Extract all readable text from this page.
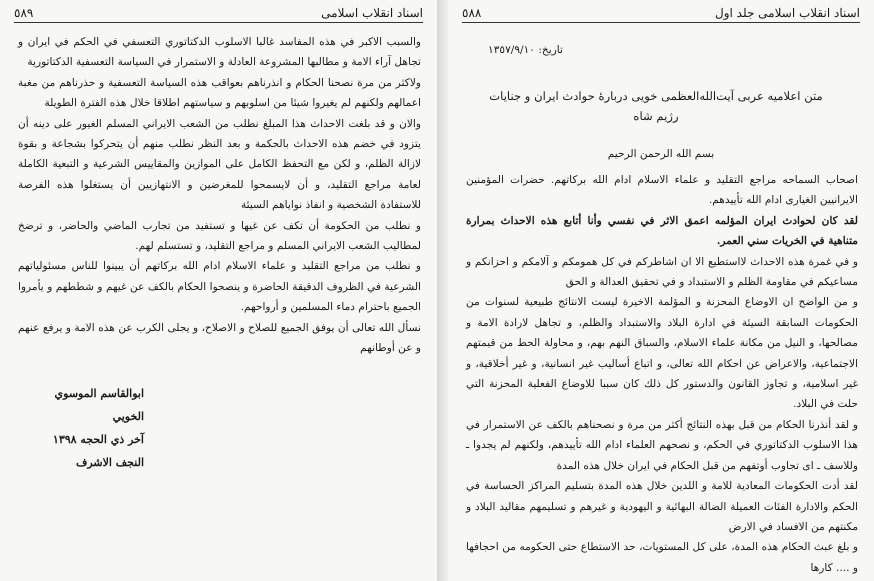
اسناد انقلاب اسلامی
٥٨٩

والسبب الاكبر في هذه المفاسد غالبا الاسلوب الدكتاتوري التعسفي في الحكم في ايران و تجاهل آراء الامة و مطالبها المشروعة العادلة و الاستمرار في السياسة التعسفية الدكتاتورية

ولاكثر من مرة نصحنا الحكام و انذرناهم بعواقب هذه السياسة التعسفية و حذرناهم من مغبة اعمالهم ولكنهم لم يغيروا شيئا من اسلوبهم و سياستهم اطلاقا خلال هذه الفترة الطويلة

والان و قد بلغت الاحداث هذا المبلغ نطلب من الشعب الايراني المسلم الغيور على دينه أن يتزود في خضم هذه الاحداث بالحكمة و بعد النظر نطلب منهم أن يتحركوا بشجاعة و بقوة لازالة الظلم، و لكن مع التحفظ الكامل على الموازين والمقاييس الشرعية و التبعية الكاملة لعامة مراجع التقليد، و أن لايسمحوا للمغرضين و الانتهازيين أن يستغلوا هذه الفرصة للاستفادة الشخصية و انفاذ نواياهم السيئة

و نطلب من الحكومة أن تكف عن غيها و تستفيد من تجارب الماضي والحاضر، و ترضخ لمطاليب الشعب الايراني المسلم و مراجع التقليد، و تستسلم لهم.

و نطلب من مراجع التقليد و علماء الاسلام ادام الله بركاتهم أن يبينوا للناس مسئولياتهم الشرعية في الظروف الدقيقة الحاضرة و ينصحوا الحكام بالكف عن غيهم و شططهم و يأمروا الجميع باحترام دماء المسلمين و أرواحهم.

نسأل الله تعالى أن يوفق الجميع للصلاح و الاصلاح، و يجلى الكرب عن هذه الامة و يرفع عنهم و عن أوطانهم

ابوالقاسم الموسوي الخويي
آخر ذي الحجه ١٣٩٨
النجف الاشرف
اسناد انقلاب اسلامی جلد اول
٥٨٨
تاريخ: ١٣٥٧/٩/١٠
متن اعلامیه عربی آیت‌الله‌العظمی خویی دربارهٔ حوادث ایران و جنایات
رژیم شاه
بسم الله الرحمن الرحيم

اصحاب السماحه مراجع التقليد و علماء الاسلام ادام الله بركاتهم. حضرات المؤمنين الايرانيين الغيارى ادام الله تأييدهم.

لقد كان لحوادث ايران المؤلمه اعمق الاثر في نفسي وأنا أتابع هذه الاحداث بمرارة متناهية في الخريات سني العمر.

و في غمرة هذه الاحداث لااستطيع الا ان اشاطركم في كل همومكم و آلامكم و احزانكم و مساعيكم في مقاومة الظلم و الاستبداد و في تحقيق العدالة و الحق

و من الواضح ان الاوضاع المحزنة و المؤلمة الاخيرة ليست الانتائج طبيعية لسنوات من الحكومات السابقة السيئة في ادارة البلاد والاستبداد والظلم، و تجاهل لارادة الامة و مصالحها، و النيل من مكانة علماء الاسلام، والسباق النهم بهم، و محاولة الحط من قيمتهم الاجتماعية، والاعراض عن احكام الله تعالى، و اتباع أساليب غير انسانية، و غير أخلاقية، و غير اسلامية، و تجاوز القانون والدستور كل ذلك كان سببا للاوضاع الفعلية المحزنة التي حلت في البلاد.

و لقد أنذرنا الحكام من قبل بهذه النتائج أكثر من مرة و نصحناهم بالكف عن الاستمرار في هذا الاسلوب الدكتاتوري في الحكم، و نصحهم العلماء ادام الله تأييدهم، ولكنهم لم يجدوا ـ وللاسف ـ اى تجاوب أوتفهم من قبل الحكام في ايران خلال هذه المدة

لقد أدت الحكومات المعادية للامة و اللدين خلال هذه المدة بتسليم المراكز الحساسة في الحكم والادارة الفئات العميلة الضالة البهائية و اليهودية و غيرهم و تسليمهم مقاليد البلاد و مكنتهم من الافساد في الارض

و بلغ عبث الحكام هذه المدة، على كل المستويات، حد الاستطاع حتى الحكومه من احجافها و .... كارها
